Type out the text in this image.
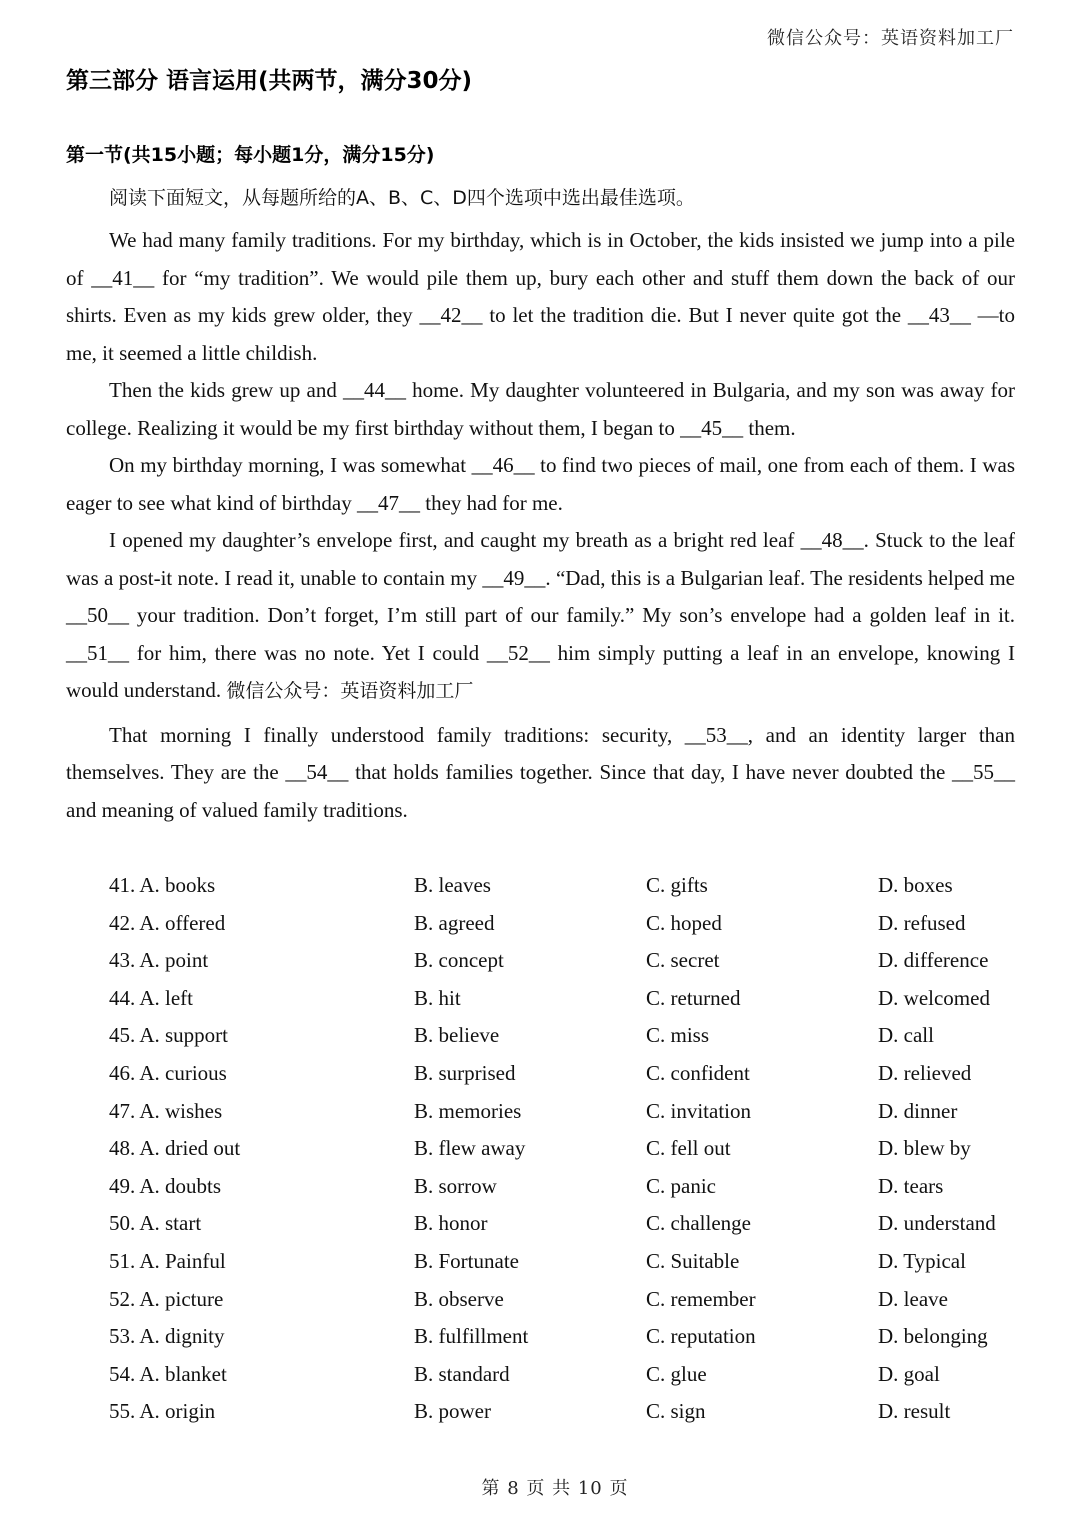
微信公众号：英语资料加工厂
第三部分 语言运用(共两节，满分30分)
第一节(共15小题；每小题1分，满分15分)
阅读下面短文，从每题所给的A、B、C、D四个选项中选出最佳选项。

We had many family traditions. For my birthday, which is in October, the kids insisted we jump into a pile of __41__ for “my tradition”. We would pile them up, bury each other and stuff them down the back of our shirts. Even as my kids grew older, they __42__ to let the tradition die. But I never quite got the __43__ —to me, it seemed a little childish.

Then the kids grew up and __44__ home. My daughter volunteered in Bulgaria, and my son was away for college. Realizing it would be my first birthday without them, I began to __45__ them.

On my birthday morning, I was somewhat __46__ to find two pieces of mail, one from each of them. I was eager to see what kind of birthday __47__ they had for me.

I opened my daughter’s envelope first, and caught my breath as a bright red leaf __48__. Stuck to the leaf was a post-it note. I read it, unable to contain my __49__. “Dad, this is a Bulgarian leaf. The residents helped me __50__ your tradition. Don’t forget, I’m still part of our family.” My son’s envelope had a golden leaf in it. __51__ for him, there was no note. Yet I could __52__ him simply putting a leaf in an envelope, knowing I would understand. 微信公众号：英语资料加工厂

That morning I finally understood family traditions: security, __53__, and an identity larger than themselves. They are the __54__ that holds families together. Since that day, I have never doubted the __55__ and meaning of valued family traditions.

41. A. books	B. leaves	C. gifts	D. boxes
42. A. offered	B. agreed	C. hoped	D. refused
43. A. point	B. concept	C. secret	D. difference
44. A. left	B. hit	C. returned	D. welcomed
45. A. support	B. believe	C. miss	D. call
46. A. curious	B. surprised	C. confident	D. relieved
47. A. wishes	B. memories	C. invitation	D. dinner
48. A. dried out	B. flew away	C. fell out	D. blew by
49. A. doubts	B. sorrow	C. panic	D. tears
50. A. start	B. honor	C. challenge	D. understand
51. A. Painful	B. Fortunate	C. Suitable	D. Typical
52. A. picture	B. observe	C. remember	D. leave
53. A. dignity	B. fulfillment	C. reputation	D. belonging
54. A. blanket	B. standard	C. glue	D. goal
55. A. origin	B. power	C. sign	D. result
第 8 页 共 10 页
